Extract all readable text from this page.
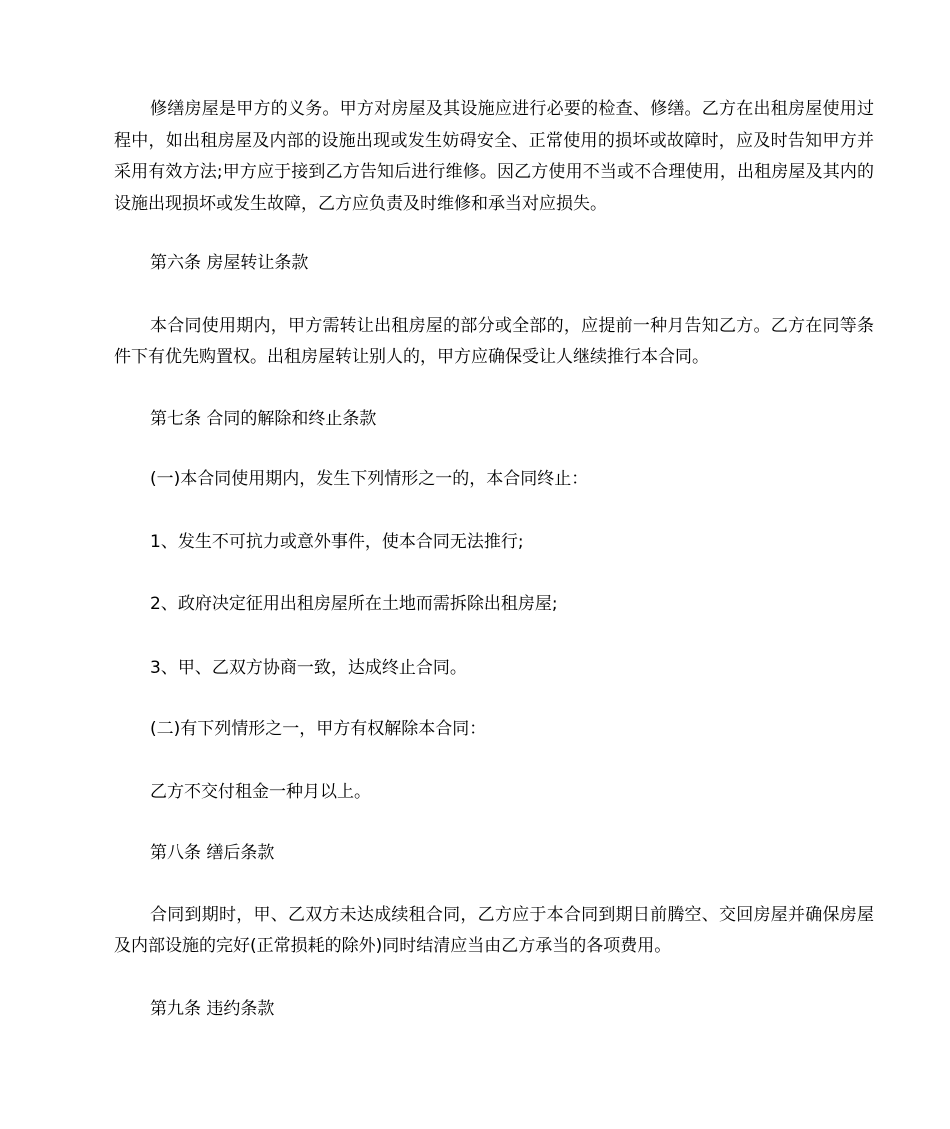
修缮房屋是甲方的义务。甲方对房屋及其设施应进行必要的检查、修缮。乙方在出租房屋使用过程中，如出租房屋及内部的设施出现或发生妨碍安全、正常使用的损坏或故障时，应及时告知甲方并采用有效方法;甲方应于接到乙方告知后进行维修。因乙方使用不当或不合理使用，出租房屋及其内的设施出现损坏或发生故障，乙方应负责及时维修和承当对应损失。

第六条 房屋转让条款

本合同使用期内，甲方需转让出租房屋的部分或全部的，应提前一种月告知乙方。乙方在同等条件下有优先购置权。出租房屋转让别人的，甲方应确保受让人继续推行本合同。

第七条 合同的解除和终止条款

(一)本合同使用期内，发生下列情形之一的，本合同终止：

1、发生不可抗力或意外事件，使本合同无法推行;

2、政府决定征用出租房屋所在土地而需拆除出租房屋;

3、甲、乙双方协商一致，达成终止合同。

(二)有下列情形之一，甲方有权解除本合同：

乙方不交付租金一种月以上。

第八条 缮后条款

合同到期时，甲、乙双方未达成续租合同，乙方应于本合同到期日前腾空、交回房屋并确保房屋及内部设施的完好(正常损耗的除外)同时结清应当由乙方承当的各项费用。

第九条 违约条款
